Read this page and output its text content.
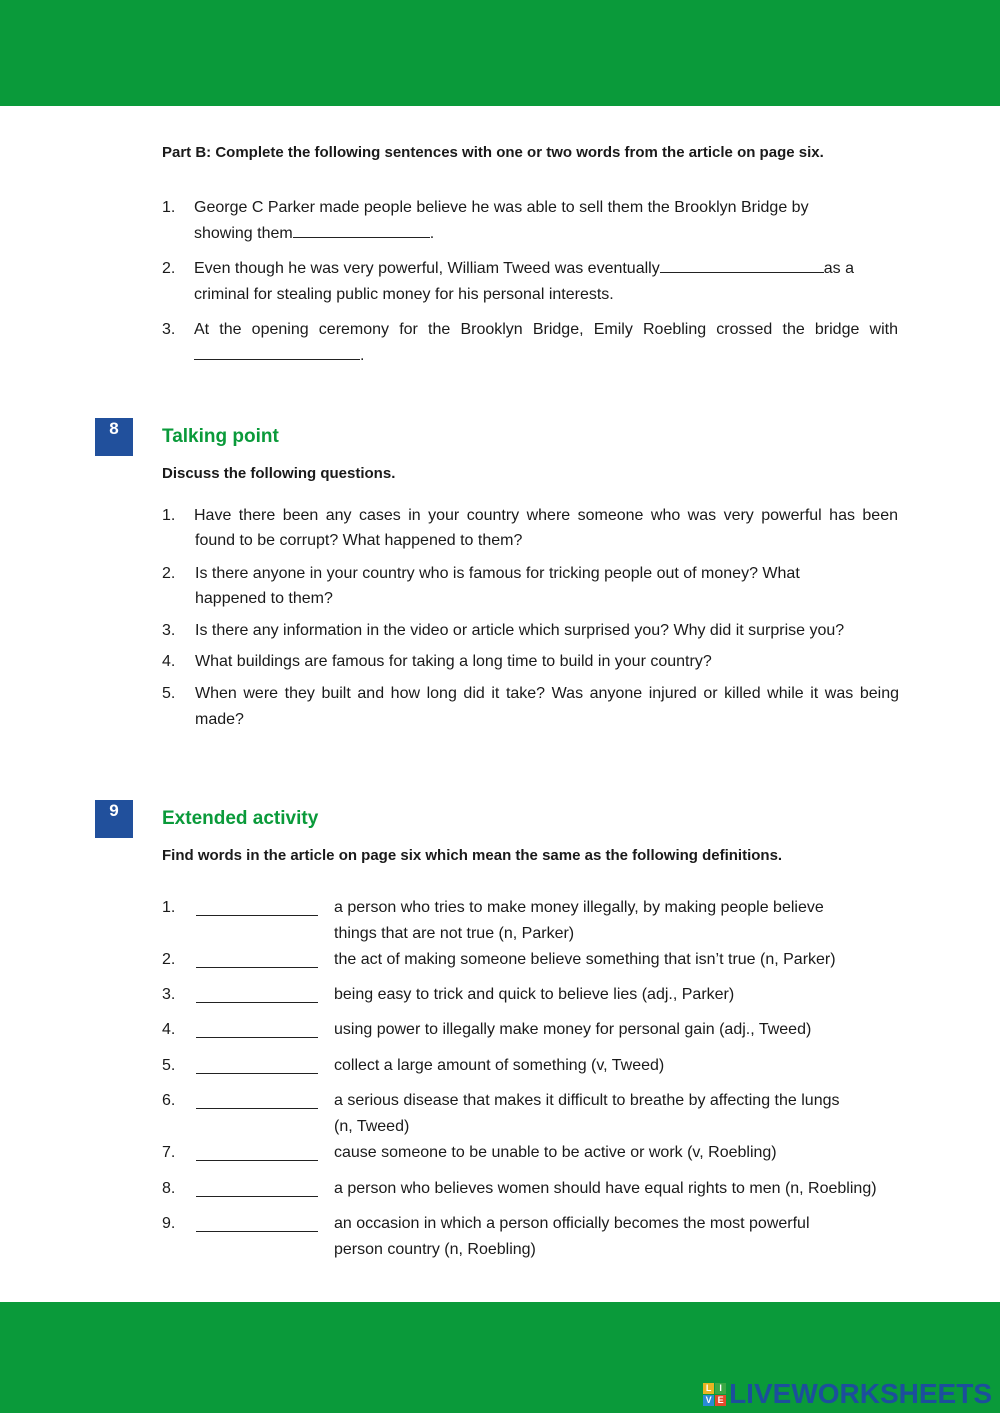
Part B: Complete the following sentences with one or two words from the article on page six.
1. George C Parker made people believe he was able to sell them the Brooklyn Bridge by
showing them	.
2. Even though he was very powerful, William Tweed was eventually	as a
criminal for stealing public money for his personal interests.
3. At the opening ceremony for the Brooklyn Bridge, Emily Roebling crossed the bridge with
.
8	Talking point
Discuss the following questions.
1. Have there been any cases in your country where someone who was very powerful has been
found to be corrupt? What happened to them?
2. Is there anyone in your country who is famous for tricking people out of money? What
happened to them?
3. Is there any information in the video or article which surprised you? Why did it surprise you?
4. What buildings are famous for taking a long time to build in your country?
5. When were they built and how long did it take? Was anyone injured or killed while it was being
made?
9	Extended activity
Find words in the article on page six which mean the same as the following definitions.
1.	a person who tries to make money illegally, by making people believe
things that are not true (n, Parker)
2.	the act of making someone believe something that isn’t true (n, Parker)
3.	being easy to trick and quick to believe lies (adj., Parker)
4.	using power to illegally make money for personal gain (adj., Tweed)
5.	collect a large amount of something (v, Tweed)
6.	a serious disease that makes it difficult to breathe by affecting the lungs
(n, Tweed)
7.	cause someone to be unable to be active or work (v, Roebling)
8.	a person who believes women should have equal rights to men (n, Roebling)
9.	an occasion in which a person officially becomes the most powerful
person country (n, Roebling)
L I
V E LIVEWORKSHEETS
